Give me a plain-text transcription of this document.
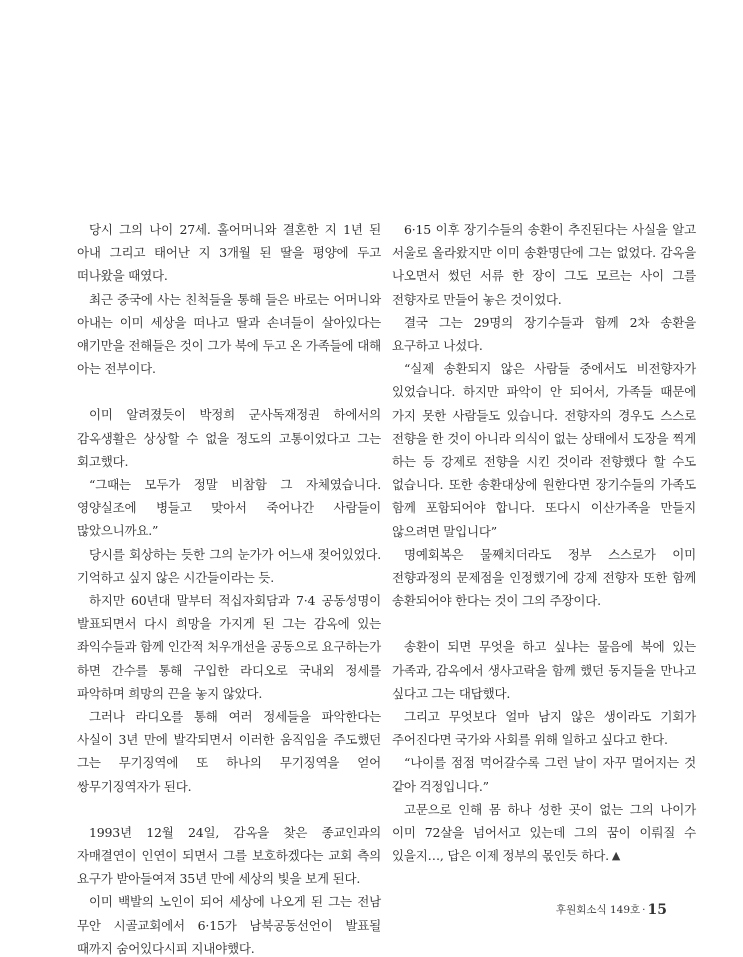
당시 그의 나이 27세. 홀어머니와 결혼한 지 1년 된 아내 그리고 태어난 지 3개월 된 딸을 평양에 두고 떠나왔을 때였다.

최근 중국에 사는 친척들을 통해 들은 바로는 어머니와 아내는 이미 세상을 떠나고 딸과 손녀들이 살아있다는 얘기만을 전해들은 것이 그가 북에 두고 온 가족들에 대해 아는 전부이다.

이미 알려졌듯이 박정희 군사독재정권 하에서의 감옥생활은 상상할 수 없을 정도의 고통이었다고 그는 회고했다.

“그때는 모두가 정말 비참함 그 자체였습니다. 영양실조에 병들고 맞아서 죽어나간 사람들이 많았으니까요.”

당시를 회상하는 듯한 그의 눈가가 어느새 젖어있었다. 기억하고 싶지 않은 시간들이라는 듯.

하지만 60년대 말부터 적십자회담과 7·4 공동성명이 발표되면서 다시 희망을 가지게 된 그는 감옥에 있는 좌익수들과 함께 인간적 처우개선을 공동으로 요구하는가 하면 간수를 통해 구입한 라디오로 국내외 정세를 파악하며 희망의 끈을 놓지 않았다.

그러나 라디오를 통해 여러 정세들을 파악한다는 사실이 3년 만에 발각되면서 이러한 움직임을 주도했던 그는 무기징역에 또 하나의 무기징역을 얻어 쌍무기징역자가 된다.

1993년 12월 24일, 감옥을 찾은 종교인과의 자매결연이 인연이 되면서 그를 보호하겠다는 교회 측의 요구가 받아들여져 35년 만에 세상의 빛을 보게 된다.

이미 백발의 노인이 되어 세상에 나오게 된 그는 전남 무안 시골교회에서 6·15가 남북공동선언이 발표될 때까지 숨어있다시피 지내야했다.

6·15 이후 장기수들의 송환이 추진된다는 사실을 알고 서울로 올라왔지만 이미 송환명단에 그는 없었다. 감옥을 나오면서 썼던 서류 한 장이 그도 모르는 사이 그를 전향자로 만들어 놓은 것이었다.

결국 그는 29명의 장기수들과 함께 2차 송환을 요구하고 나섰다.

“실제 송환되지 않은 사람들 중에서도 비전향자가 있었습니다. 하지만 파악이 안 되어서, 가족들 때문에 가지 못한 사람들도 있습니다. 전향자의 경우도 스스로 전향을 한 것이 아니라 의식이 없는 상태에서 도장을 찍게 하는 등 강제로 전향을 시킨 것이라 전향했다 할 수도 없습니다. 또한 송환대상에 원한다면 장기수들의 가족도 함께 포함되어야 합니다. 또다시 이산가족을 만들지 않으려면 말입니다”

명예회복은 물째치더라도 정부 스스로가 이미 전향과정의 문제점을 인정했기에 강제 전향자 또한 함께 송환되어야 한다는 것이 그의 주장이다.

송환이 되면 무엇을 하고 싶냐는 물음에 북에 있는 가족과, 감옥에서 생사고락을 함께 했던 동지들을 만나고 싶다고 그는 대답했다.

그리고 무엇보다 얼마 남지 않은 생이라도 기회가 주어진다면 국가와 사회를 위해 일하고 싶다고 한다.

“나이를 점점 먹어갈수록 그런 날이 자꾸 멀어지는 것 같아 걱정입니다.”

고문으로 인해 몸 하나 성한 곳이 없는 그의 나이가 이미 72살을 넘어서고 있는데 그의 꿈이 이뤄질 수 있을지…, 답은 이제 정부의 몫인듯 하다. ▲

후원회소식 149호 · 15
